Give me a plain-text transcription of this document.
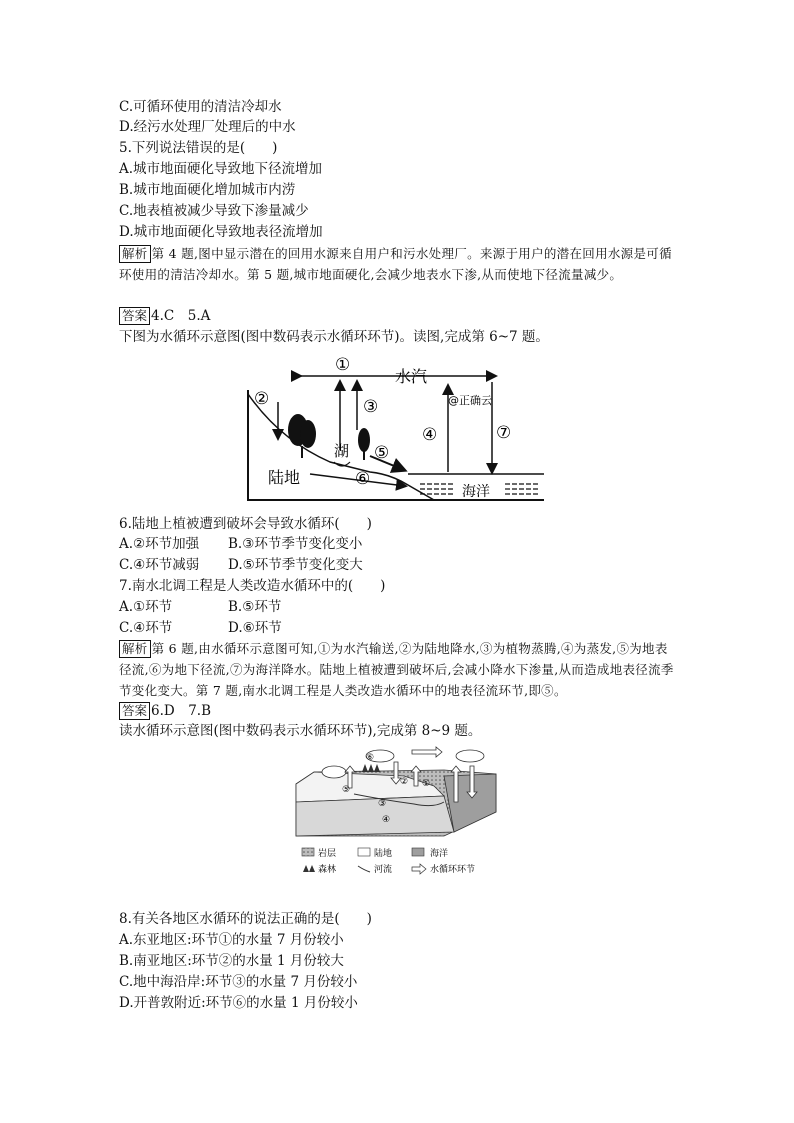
C.可循环使用的清洁冷却水
D.经污水处理厂处理后的中水
5.下列说法错误的是(　　)
A.城市地面硬化导致地下径流增加
B.城市地面硬化增加城市内涝
C.地表植被减少导致下渗量减少
D.城市地面硬化导致地表径流增加
解析 第 4 题,图中显示潜在的回用水源来自用户和污水处理厂。来源于用户的潜在回用水源是可循环使用的清洁冷却水。第 5 题,城市地面硬化,会减少地表水下渗,从而使地下径流量减少。
答案 4.C　5.A
下图为水循环示意图(图中数码表示水循环环节)。读图,完成第 6~7 题。
①
②	③
④
⑤
⑥
⑦
水汽
湖
陆地
海洋
@正确云
6.陆地上植被遭到破坏会导致水循环(　　)
A.②环节加强 B.③环节季节变化变小
C.④环节减弱 D.⑤环节季节变化变大
7.南水北调工程是人类改造水循环中的(　　)
A.①环节	B.⑤环节
C.④环节	D.⑥环节
解析 第 6 题,由水循环示意图可知,①为水汽输送,②为陆地降水,③为植物蒸腾,④为蒸发,⑤为地表径流,⑥为地下径流,⑦为海洋降水。陆地上植被遭到破坏后,会减小降水下渗量,从而造成地表径流季节变化变大。第 7 题,南水北调工程是人类改造水循环中的地表径流环节,即⑤。
答案 6.D　7.B
读水循环示意图(图中数码表示水循环环节),完成第 8~9 题。
⑤
⑥
② ①
③
④
岩层	陆地	海洋
森林	河流	水循环环节
8.有关各地区水循环的说法正确的是(　　)
A.东亚地区:环节①的水量 7 月份较小
B.南亚地区:环节②的水量 1 月份较大
C.地中海沿岸:环节③的水量 7 月份较小
D.开普敦附近:环节⑥的水量 1 月份较小
